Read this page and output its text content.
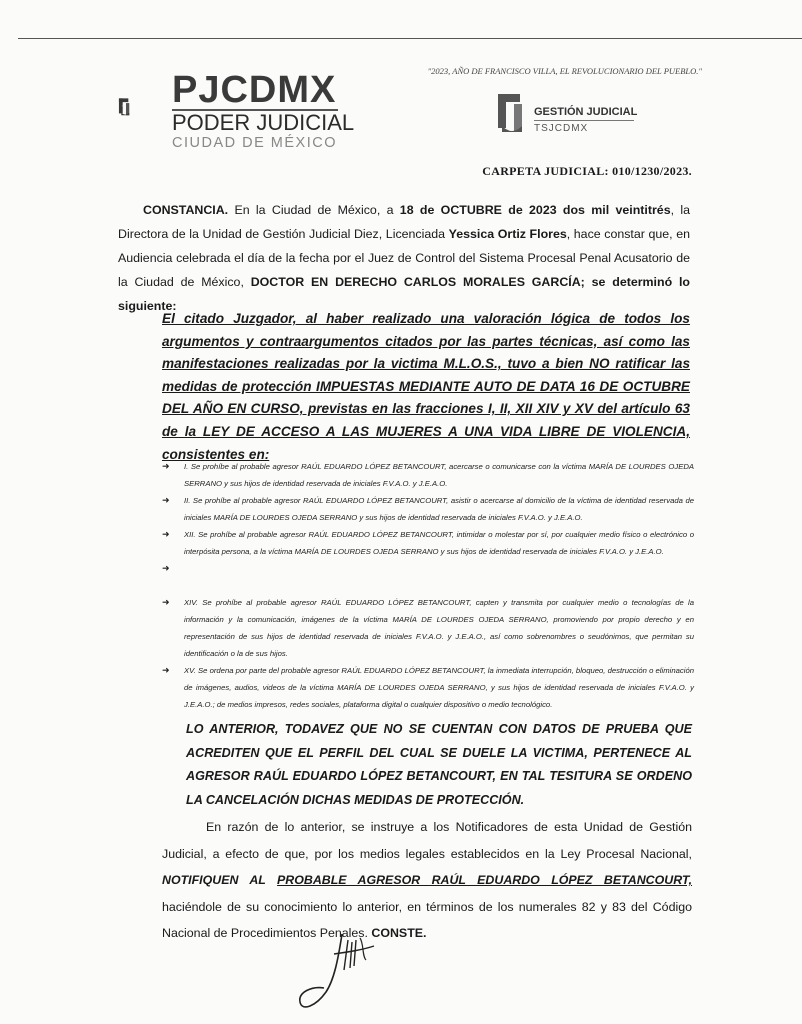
PJCDMX
PODER JUDICIAL
CIUDAD DE MÉXICO
"2023, AÑO DE FRANCISCO VILLA, EL REVOLUCIONARIO DEL PUEBLO."
GESTIÓN JUDICIAL
TSJCDMX
CARPETA JUDICIAL: 010/1230/2023.
CONSTANCIA. En la Ciudad de México, a 18 de OCTUBRE de 2023 dos mil veintitrés, la Directora de la Unidad de Gestión Judicial Diez, Licenciada Yessica Ortiz Flores, hace constar que, en Audiencia celebrada el día de la fecha por el Juez de Control del Sistema Procesal Penal Acusatorio de la Ciudad de México, DOCTOR EN DERECHO CARLOS MORALES GARCÍA; se determinó lo siguiente:
El citado Juzgador, al haber realizado una valoración lógica de todos los argumentos y contraargumentos citados por las partes técnicas, así como las manifestaciones realizadas por la victima M.L.O.S., tuvo a bien NO ratificar las medidas de protección IMPUESTAS MEDIANTE AUTO DE DATA 16 DE OCTUBRE DEL AÑO EN CURSO, previstas en las fracciones I, II, XII XIV y XV del artículo 63 de la LEY DE ACCESO A LAS MUJERES A UNA VIDA LIBRE DE VIOLENCIA, consistentes en:
➜ I. Se prohíbe al probable agresor RAÚL EDUARDO LÓPEZ BETANCOURT, acercarse o comunicarse con la víctima MARÍA DE LOURDES OJEDA SERRANO y sus hijos de identidad reservada de iniciales F.V.A.O. y J.E.A.O.
➜ II. Se prohíbe al probable agresor RAÚL EDUARDO LÓPEZ BETANCOURT, asistir o acercarse al domicilio de la víctima de identidad reservada de iniciales MARÍA DE LOURDES OJEDA SERRANO y sus hijos de identidad reservada de iniciales F.V.A.O. y J.E.A.O.
➜ XII. Se prohíbe al probable agresor RAÚL EDUARDO LÓPEZ BETANCOURT, intimidar o molestar por sí, por cualquier medio físico o electrónico o interpósita persona, a la víctima MARÍA DE LOURDES OJEDA SERRANO y sus hijos de identidad reservada de iniciales F.V.A.O. y J.E.A.O.
➜
➜ XIV. Se prohíbe al probable agresor RAÚL EDUARDO LÓPEZ BETANCOURT, capten y transmita por cualquier medio o tecnologías de la información y la comunicación, imágenes de la víctima MARÍA DE LOURDES OJEDA SERRANO, promoviendo por propio derecho y en representación de sus hijos de identidad reservada de iniciales F.V.A.O. y J.E.A.O., así como sobrenombres o seudónimos, que permitan su identificación o la de sus hijos.
➜ XV. Se ordena por parte del probable agresor RAÚL EDUARDO LÓPEZ BETANCOURT, la inmediata interrupción, bloqueo, destrucción o eliminación de imágenes, audios, videos de la víctima MARÍA DE LOURDES OJEDA SERRANO, y sus hijos de identidad reservada de iniciales F.V.A.O. y J.E.A.O.; de medios impresos, redes sociales, plataforma digital o cualquier dispositivo o medio tecnológico.
LO ANTERIOR, TODAVEZ QUE NO SE CUENTAN CON DATOS DE PRUEBA QUE ACREDITEN QUE EL PERFIL DEL CUAL SE DUELE LA VICTIMA, PERTENECE AL AGRESOR RAÚL EDUARDO LÓPEZ BETANCOURT, EN TAL TESITURA SE ORDENO LA CANCELACIÓN DICHAS MEDIDAS DE PROTECCIÓN.
En razón de lo anterior, se instruye a los Notificadores de esta Unidad de Gestión Judicial, a efecto de que, por los medios legales establecidos en la Ley Procesal Nacional, NOTIFIQUEN AL PROBABLE AGRESOR RAÚL EDUARDO LÓPEZ BETANCOURT, haciéndole de su conocimiento lo anterior, en términos de los numerales 82 y 83 del Código Nacional de Procedimientos Penales. CONSTE.
